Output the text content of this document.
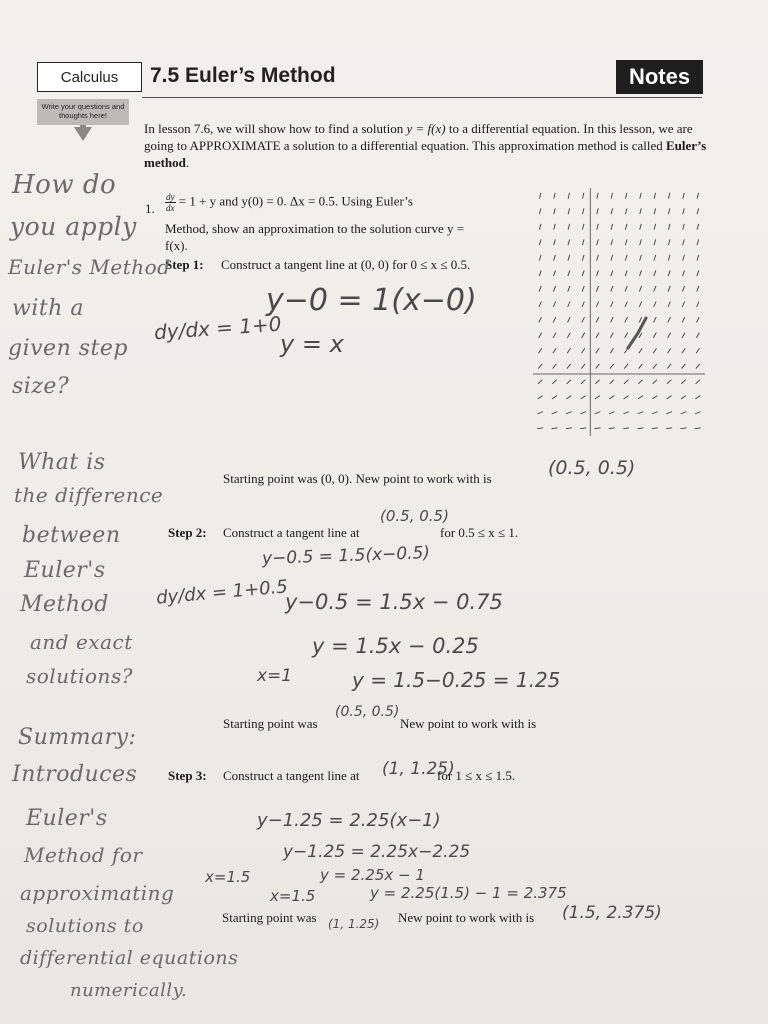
Calculus	7.5 Euler’s Method	Notes
Write your questions and thoughts here!
In lesson 7.6, we will show how to find a solution y = f(x) to a differential equation. In this lesson, we are going to APPROXIMATE a solution to a differential equation. This approximation method is called Euler’s method.
1. $\frac{dy}{dx} = 1 + y$ and y(0) = 0. Δx = 0.5. Using Euler’s
Method, show an approximation to the solution curve y =
f(x).
Step 1: Construct a tangent line at (0, 0) for 0 ≤ x ≤ 0.5.
dy/dx = 1+0
y−0 = 1(x−0)
y = x
Starting point was (0, 0). New point to work with is	(0.5, 0.5)
Step 2: Construct a tangent line at
(0.5, 0.5)
for 0.5 ≤ x ≤ 1.
y−0.5 = 1.5(x−0.5)
dy/dx = 1+0.5
y−0.5 = 1.5x − 0.75
y = 1.5x − 0.25
x=1	y = 1.5−0.25 = 1.25
Starting point was
(0.5, 0.5)
New point to work with is
Step 3: Construct a tangent line at (1, 1.25)
for 1 ≤ x ≤ 1.5.
y−1.25 = 2.25(x−1)
y−1.25 = 2.25x−2.25
x=1.5	y = 2.25x − 1
x=1.5	y = 2.25(1.5) − 1 = 2.375
Starting point was (1, 1.25) New point to work with is (1.5, 2.375)
How do
you apply
Euler's Method
with a
given step
size?
What is
the difference
between
Euler's
Method
and exact
solutions?
Summary:
Introduces
Euler's
Method for
approximating
solutions to
differential equations
numerically.
